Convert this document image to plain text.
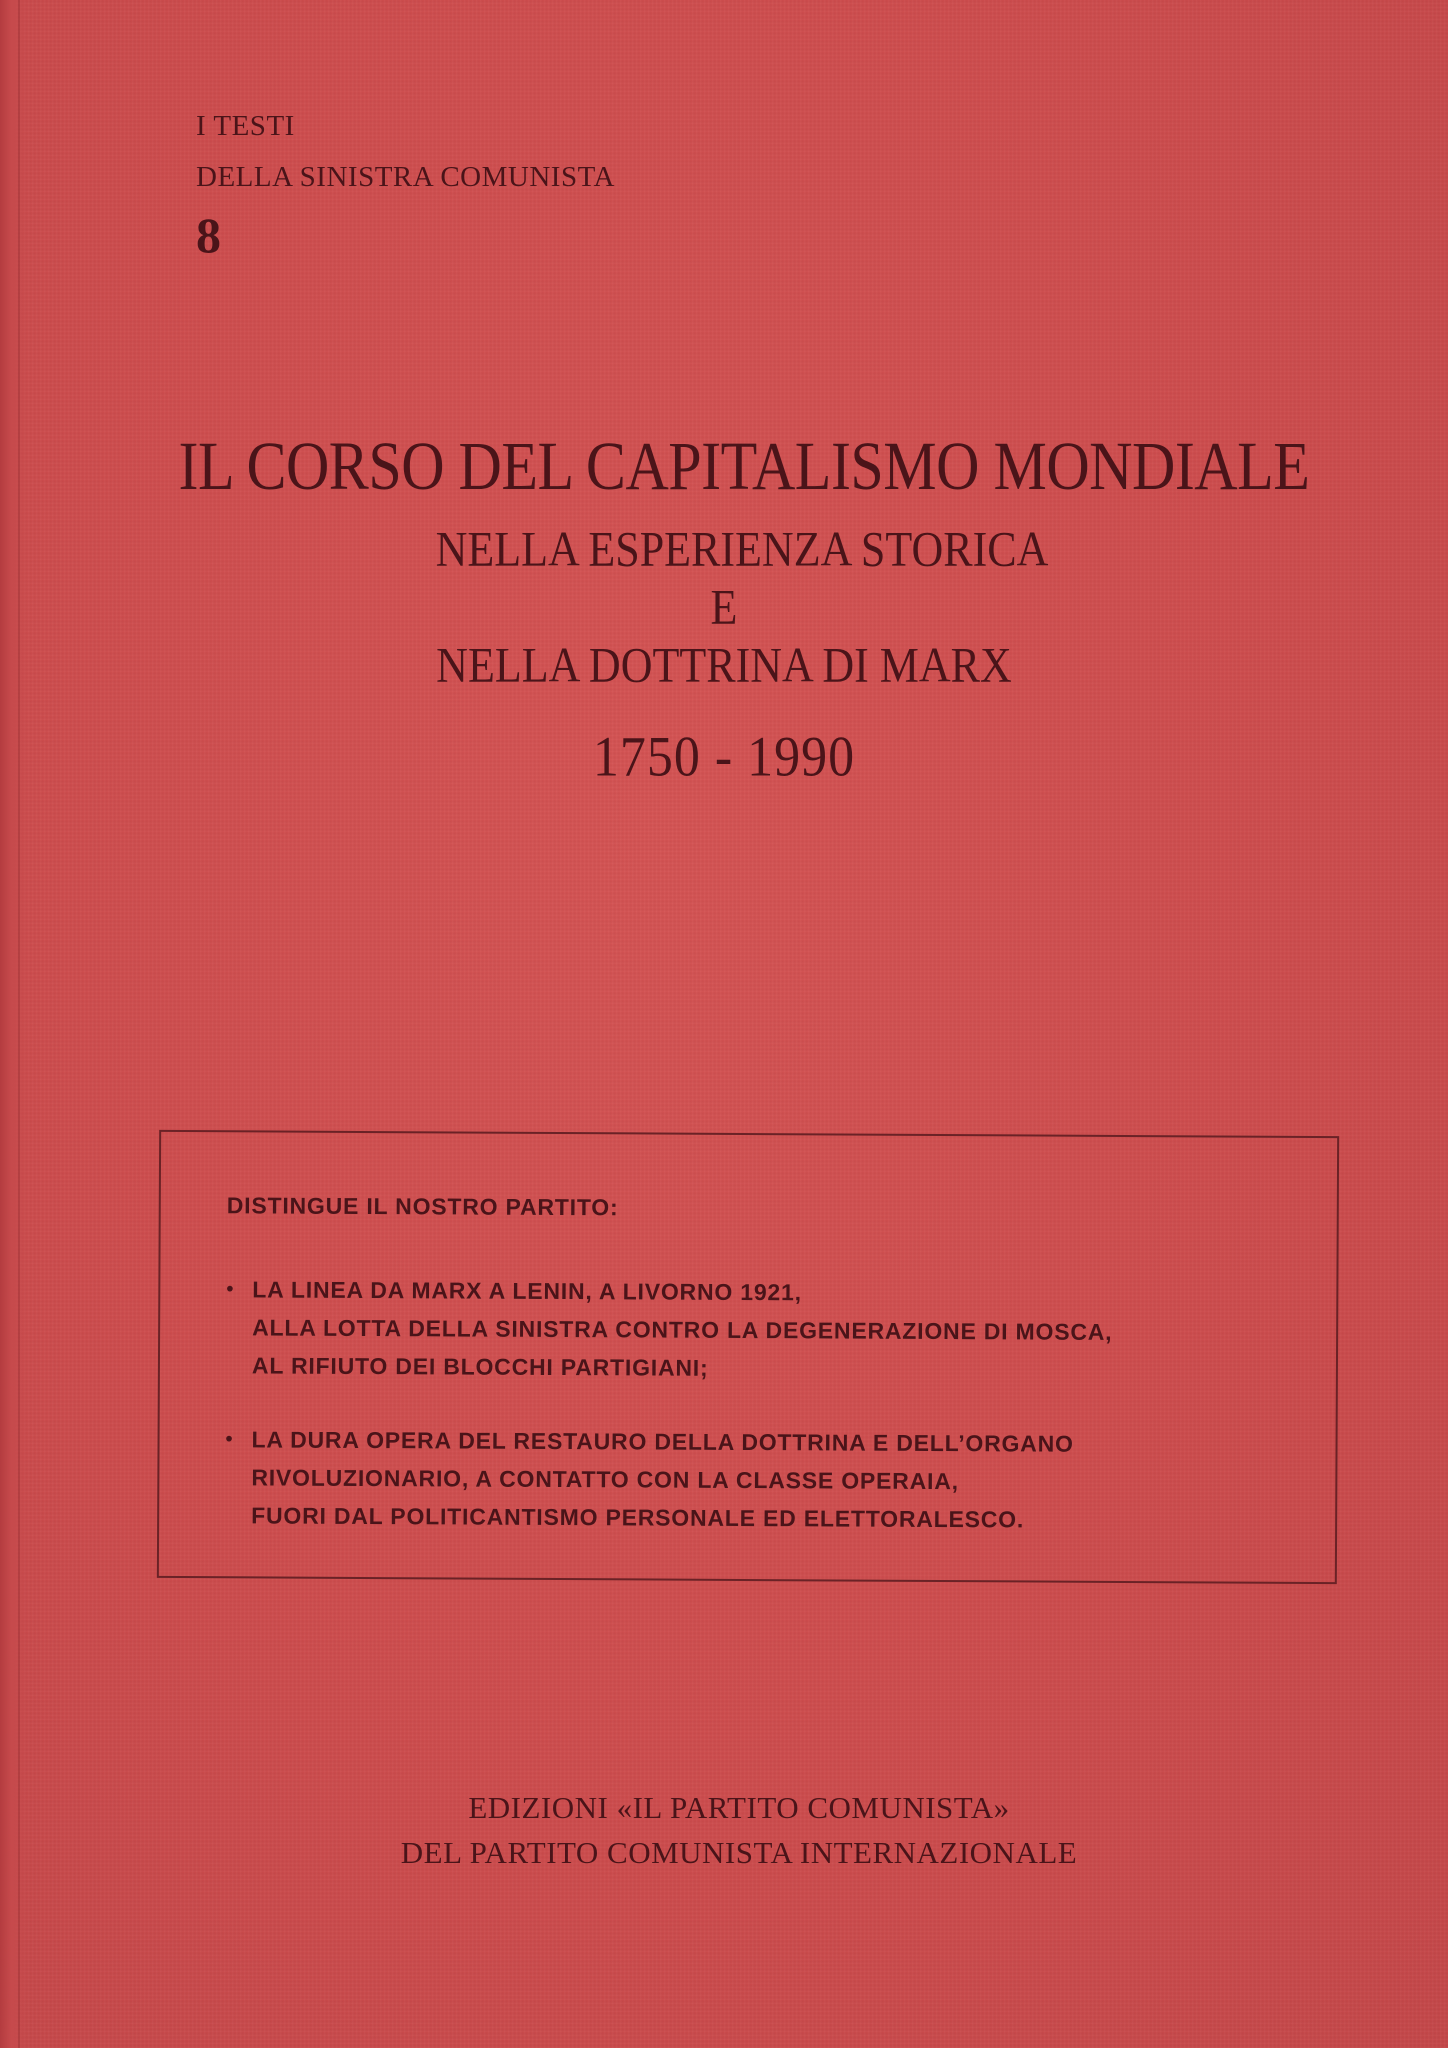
I TESTI
DELLA SINISTRA COMUNISTA
8
IL CORSO DEL CAPITALISMO MONDIALE
NELLA ESPERIENZA STORICA
E
NELLA DOTTRINA DI MARX
1750 - 1990
DISTINGUE IL NOSTRO PARTITO:
• LA LINEA DA MARX A LENIN, A LIVORNO 1921,
ALLA LOTTA DELLA SINISTRA CONTRO LA DEGENERAZIONE DI MOSCA,
AL RIFIUTO DEI BLOCCHI PARTIGIANI;
• LA DURA OPERA DEL RESTAURO DELLA DOTTRINA E DELL’ORGANO
RIVOLUZIONARIO, A CONTATTO CON LA CLASSE OPERAIA,
FUORI DAL POLITICANTISMO PERSONALE ED ELETTORALESCO.
EDIZIONI «IL PARTITO COMUNISTA»
DEL PARTITO COMUNISTA INTERNAZIONALE
